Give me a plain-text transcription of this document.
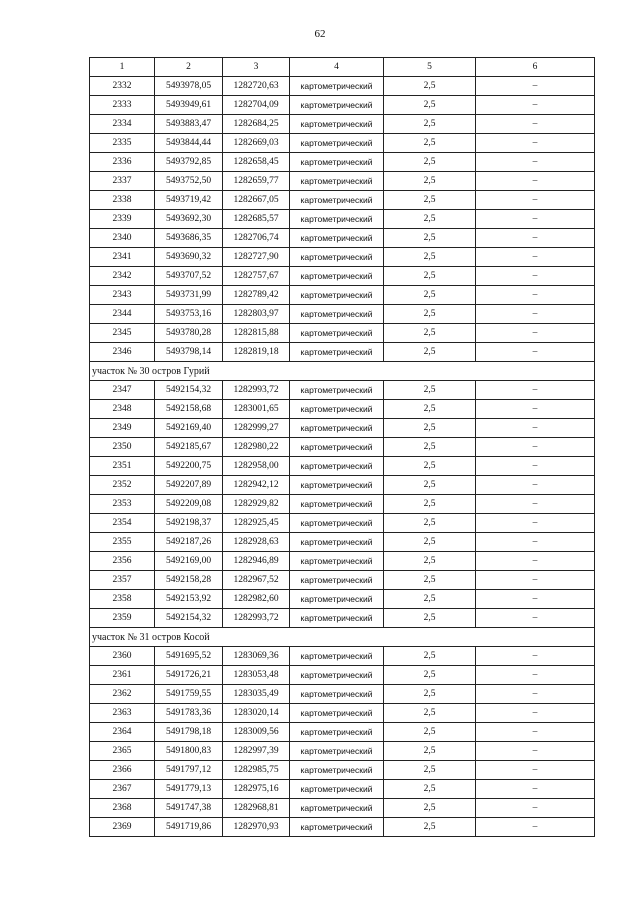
62
1	2	3	4	5	6
2332	5493978,05	1282720,63	картометрический	2,5	–
2333	5493949,61	1282704,09	картометрический	2,5	–
2334	5493883,47	1282684,25	картометрический	2,5	–
2335	5493844,44	1282669,03	картометрический	2,5	–
2336	5493792,85	1282658,45	картометрический	2,5	–
2337	5493752,50	1282659,77	картометрический	2,5	–
2338	5493719,42	1282667,05	картометрический	2,5	–
2339	5493692,30	1282685,57	картометрический	2,5	–
2340	5493686,35	1282706,74	картометрический	2,5	–
2341	5493690,32	1282727,90	картометрический	2,5	–
2342	5493707,52	1282757,67	картометрический	2,5	–
2343	5493731,99	1282789,42	картометрический	2,5	–
2344	5493753,16	1282803,97	картометрический	2,5	–
2345	5493780,28	1282815,88	картометрический	2,5	–
2346	5493798,14	1282819,18	картометрический	2,5	–
участок № 30 остров Гурий					
2347	5492154,32	1282993,72	картометрический	2,5	–
2348	5492158,68	1283001,65	картометрический	2,5	–
2349	5492169,40	1282999,27	картометрический	2,5	–
2350	5492185,67	1282980,22	картометрический	2,5	–
2351	5492200,75	1282958,00	картометрический	2,5	–
2352	5492207,89	1282942,12	картометрический	2,5	–
2353	5492209,08	1282929,82	картометрический	2,5	–
2354	5492198,37	1282925,45	картометрический	2,5	–
2355	5492187,26	1282928,63	картометрический	2,5	–
2356	5492169,00	1282946,89	картометрический	2,5	–
2357	5492158,28	1282967,52	картометрический	2,5	–
2358	5492153,92	1282982,60	картометрический	2,5	–
2359	5492154,32	1282993,72	картометрический	2,5	–
участок № 31 остров Косой					
2360	5491695,52	1283069,36	картометрический	2,5	–
2361	5491726,21	1283053,48	картометрический	2,5	–
2362	5491759,55	1283035,49	картометрический	2,5	–
2363	5491783,36	1283020,14	картометрический	2,5	–
2364	5491798,18	1283009,56	картометрический	2,5	–
2365	5491800,83	1282997,39	картометрический	2,5	–
2366	5491797,12	1282985,75	картометрический	2,5	–
2367	5491779,13	1282975,16	картометрический	2,5	–
2368	5491747,38	1282968,81	картометрический	2,5	–
2369	5491719,86	1282970,93	картометрический	2,5	–
